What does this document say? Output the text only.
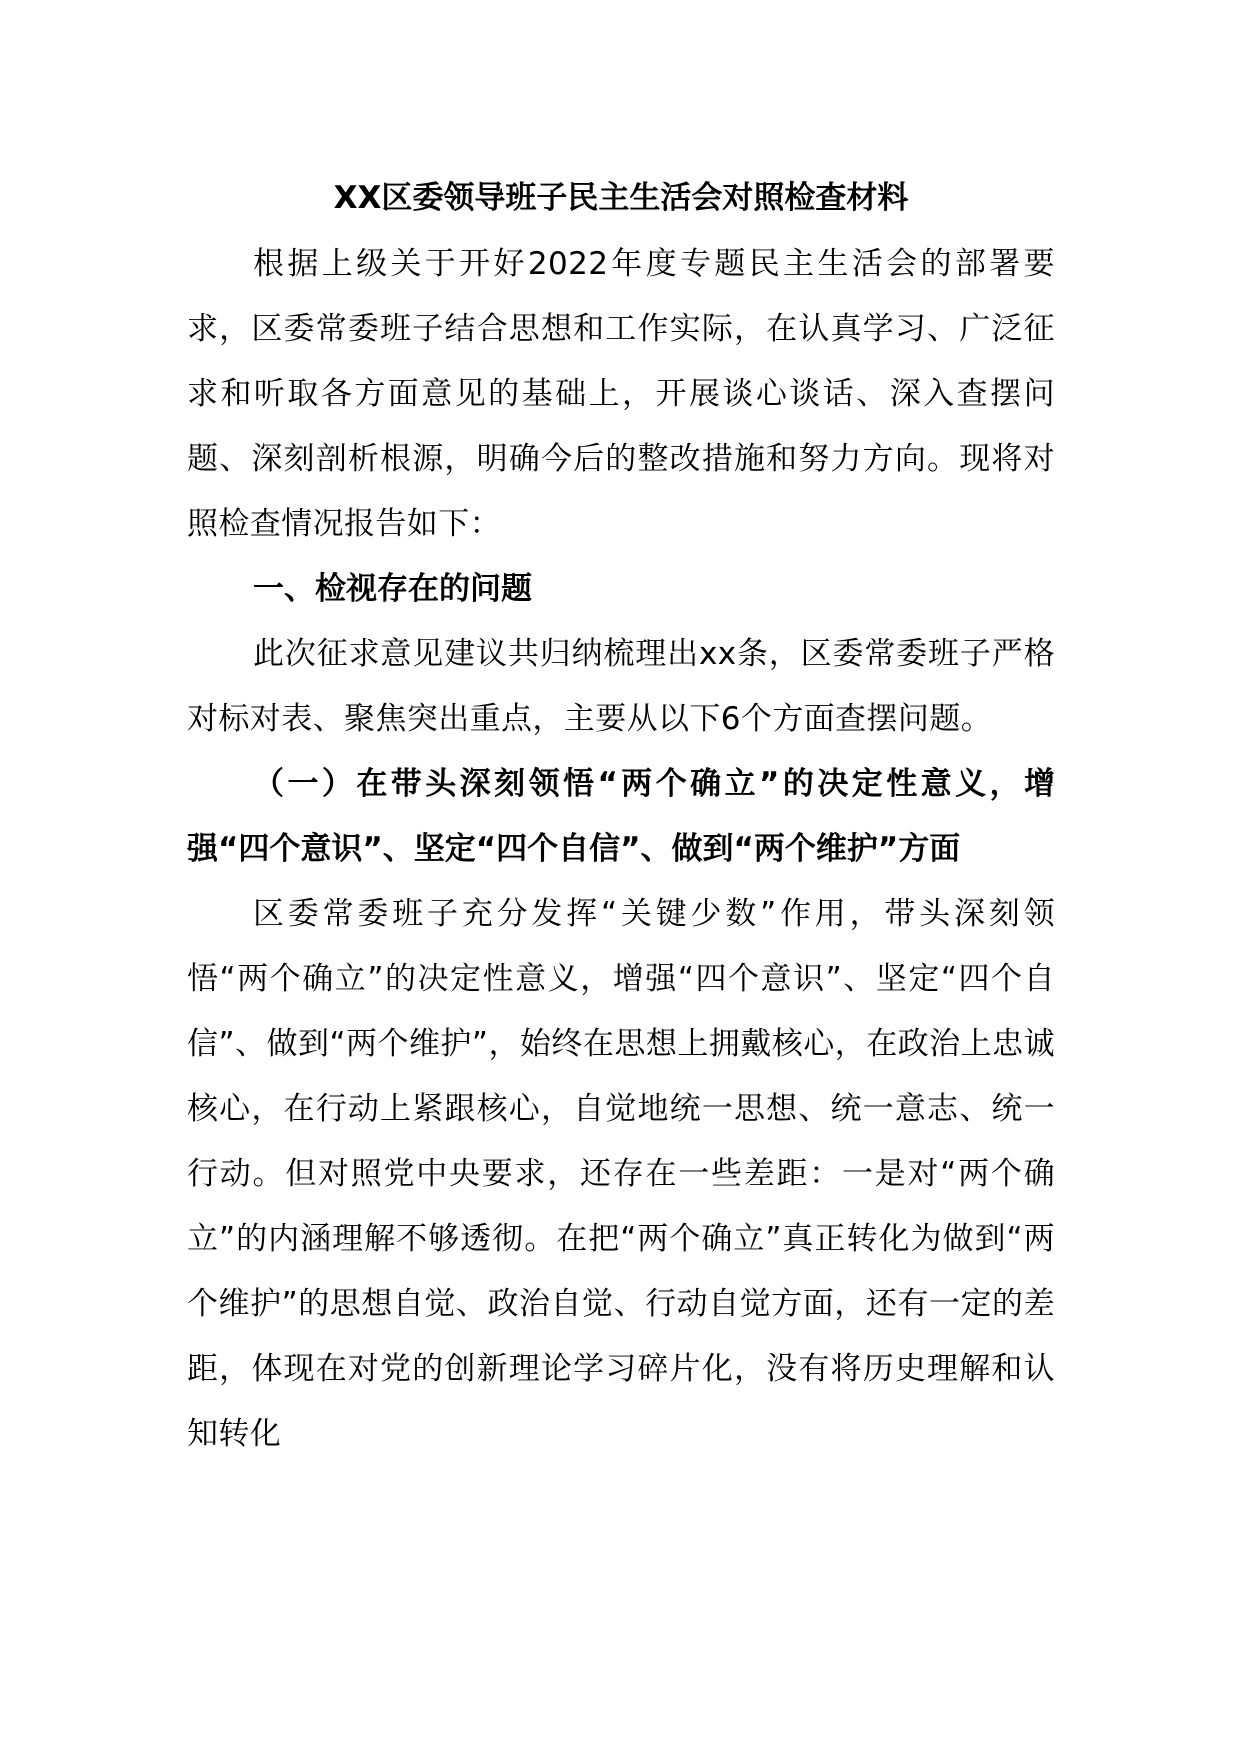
XX区委领导班子民主生活会对照检查材料

根据上级关于开好2022年度专题民主生活会的部署要求，区委常委班子结合思想和工作实际，在认真学习、广泛征求和听取各方面意见的基础上，开展谈心谈话、深入查摆问题、深刻剖析根源，明确今后的整改措施和努力方向。现将对照检查情况报告如下：

一、检视存在的问题

此次征求意见建议共归纳梳理出xx条，区委常委班子严格对标对表、聚焦突出重点，主要从以下6个方面查摆问题。

（一）在带头深刻领悟“两个确立”的决定性意义，增强“四个意识”、坚定“四个自信”、做到“两个维护”方面

区委常委班子充分发挥“关键少数”作用，带头深刻领悟“两个确立”的决定性意义，增强“四个意识”、坚定“四个自信”、做到“两个维护”，始终在思想上拥戴核心，在政治上忠诚核心，在行动上紧跟核心，自觉地统一思想、统一意志、统一行动。但对照党中央要求，还存在一些差距：一是对“两个确立”的内涵理解不够透彻。在把“两个确立”真正转化为做到“两个维护”的思想自觉、政治自觉、行动自觉方面，还有一定的差距，体现在对党的创新理论学习碎片化，没有将历史理解和认知转化
